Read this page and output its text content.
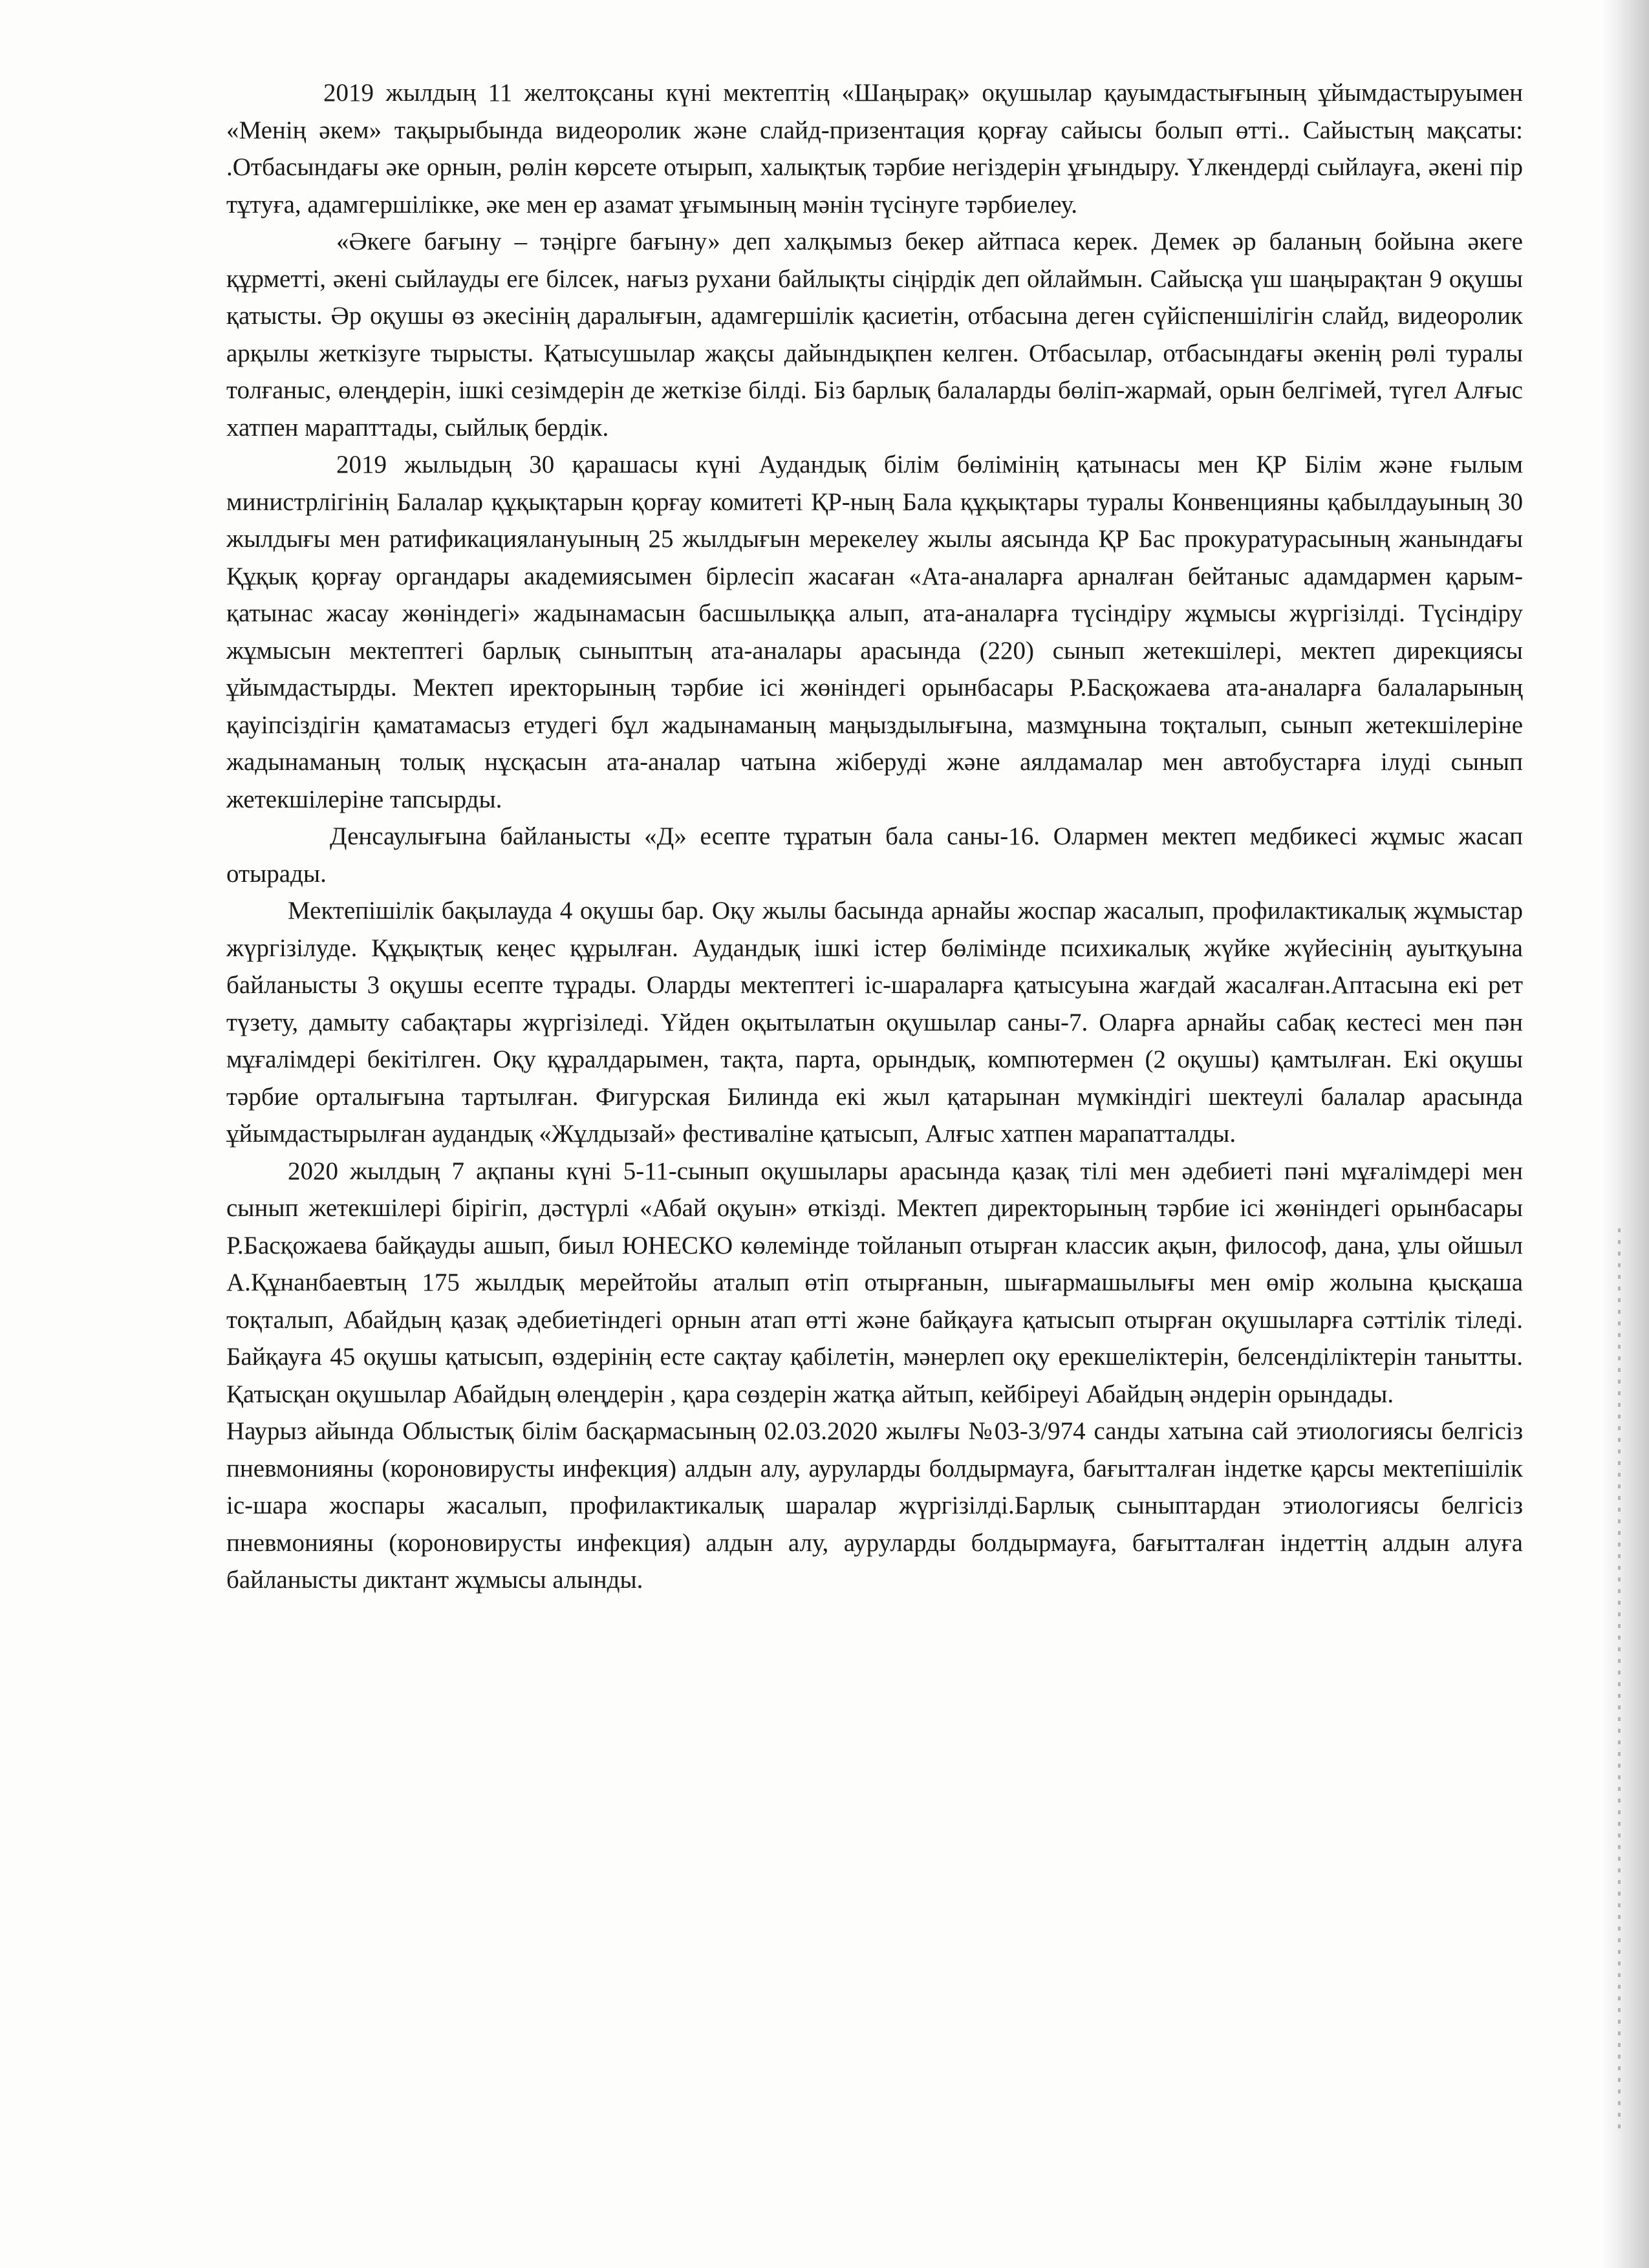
2019 жылдың 11 желтоқсаны күні мектептің «Шаңырақ» оқушылар қауымдастығының ұйымдастыруымен «Менің әкем» тақырыбында видеоролик және слайд-призентация қорғау сайысы болып өтті.. Сайыстың мақсаты: .Отбасындағы әке орнын, рөлін көрсете отырып, халықтық тәрбие негіздерін ұғындыру. Үлкендерді сыйлауға, әкені пір тұтуға, адамгершілікке, әке мен ер азамат ұғымының мәнін түсінуге тәрбиелеу.

«Әкеге бағыну – тәңірге бағыну» деп халқымыз бекер айтпаса керек. Демек әр баланың бойына әкеге құрметті, әкені сыйлауды еге білсек, нағыз рухани байлықты сіңірдік деп ойлаймын. Сайысқа үш шаңырақтан 9 оқушы қатысты. Әр оқушы өз әкесінің даралығын, адамгершілік қасиетін, отбасына деген сүйіспеншілігін слайд, видеоролик арқылы жеткізуге тырысты. Қатысушылар жақсы дайындықпен келген. Отбасылар, отбасындағы әкенің рөлі туралы толғаныс, өлеңдерін, ішкі сезімдерін де жеткізе білді. Біз барлық балаларды бөліп-жармай, орын белгімей, түгел Алғыс хатпен марапттады, сыйлық бердік.

2019 жылыдың 30 қарашасы күні Аудандық білім бөлімінің қатынасы мен ҚР Білім және ғылым министрлігінің Балалар құқықтарын қорғау комитеті ҚР-ның Бала құқықтары туралы Конвенцияны қабылдауының 30 жылдығы мен ратификациялануының 25 жылдығын мерекелеу жылы аясында ҚР Бас прокуратурасының жанындағы Құқық қорғау органдары академиясымен бірлесіп жасаған «Ата-аналарға арналған бейтаныс адамдармен қарым-қатынас жасау жөніндегі» жадынамасын басшылыққа алып, ата-аналарға түсіндіру жұмысы жүргізілді. Түсіндіру жұмысын мектептегі барлық сыныптың ата-аналары арасында (220) сынып жетекшілері, мектеп дирекциясы ұйымдастырды. Мектеп иректорының тәрбие ісі жөніндегі орынбасары Р.Басқожаева ата-аналарға балаларының қауіпсіздігін қаматамасыз етудегі бұл жадынаманың маңыздылығына, мазмұнына тоқталып, сынып жетекшілеріне жадынаманың толық нұсқасын ата-аналар чатына жіберуді және аялдамалар мен автобустарға ілуді сынып жетекшілеріне тапсырды.

Денсаулығына байланысты «Д» есепте тұратын бала саны-16. Олармен мектеп медбикесі жұмыс жасап отырады.

Мектепішілік бақылауда 4 оқушы бар. Оқу жылы басында арнайы жоспар жасалып, профилактикалық жұмыстар жүргізілуде. Құқықтық кеңес құрылған. Аудандық ішкі істер бөлімінде психикалық жүйке жүйесінің ауытқуына байланысты 3 оқушы есепте тұрады. Оларды мектептегі іс-шараларға қатысуына жағдай жасалған.Аптасына екі рет түзету, дамыту сабақтары жүргізіледі. Үйден оқытылатын оқушылар саны-7. Оларға арнайы сабақ кестесі мен пән мұғалімдері бекітілген. Оқу құралдарымен, тақта, парта, орындық, компютермен (2 оқушы) қамтылған. Екі оқушы тәрбие орталығына тартылған. Фигурская Билинда екі жыл қатарынан мүмкіндігі шектеулі балалар арасында ұйымдастырылған аудандық «Жұлдызай» фестиваліне қатысып, Алғыс хатпен марапатталды.

2020 жылдың 7 ақпаны күні 5-11-сынып оқушылары арасында қазақ тілі мен әдебиеті пәні мұғалімдері мен сынып жетекшілері бірігіп, дәстүрлі «Абай оқуын» өткізді. Мектеп директорының тәрбие ісі жөніндегі орынбасары Р.Басқожаева байқауды ашып, биыл ЮНЕСКО көлемінде тойланып отырған классик ақын, философ, дана, ұлы ойшыл А.Құнанбаевтың 175 жылдық мерейтойы аталып өтіп отырғанын, шығармашылығы мен өмір жолына қысқаша тоқталып, Абайдың қазақ әдебиетіндегі орнын атап өтті және байқауға қатысып отырған оқушыларға сәттілік тіледі. Байқауға 45 оқушы қатысып, өздерінің есте сақтау қабілетін, мәнерлеп оқу ерекшеліктерін, белсенділіктерін танытты. Қатысқан оқушылар Абайдың өлеңдерін , қара сөздерін жатқа айтып, кейбіреуі Абайдың әндерін орындады.

Наурыз айында Облыстық білім басқармасының 02.03.2020 жылғы №03-3/974 санды хатына сай этиологиясы белгісіз пневмонияны (короновирусты инфекция) алдын алу, ауруларды болдырмауға, бағытталған індетке қарсы мектепішілік іс-шара жоспары жасалып, профилактикалық шаралар жүргізілді.Барлық сыныптардан этиологиясы белгісіз пневмонияны (короновирусты инфекция) алдын алу, ауруларды болдырмауға, бағытталған індеттің алдын алуға байланысты диктант жұмысы алынды.
